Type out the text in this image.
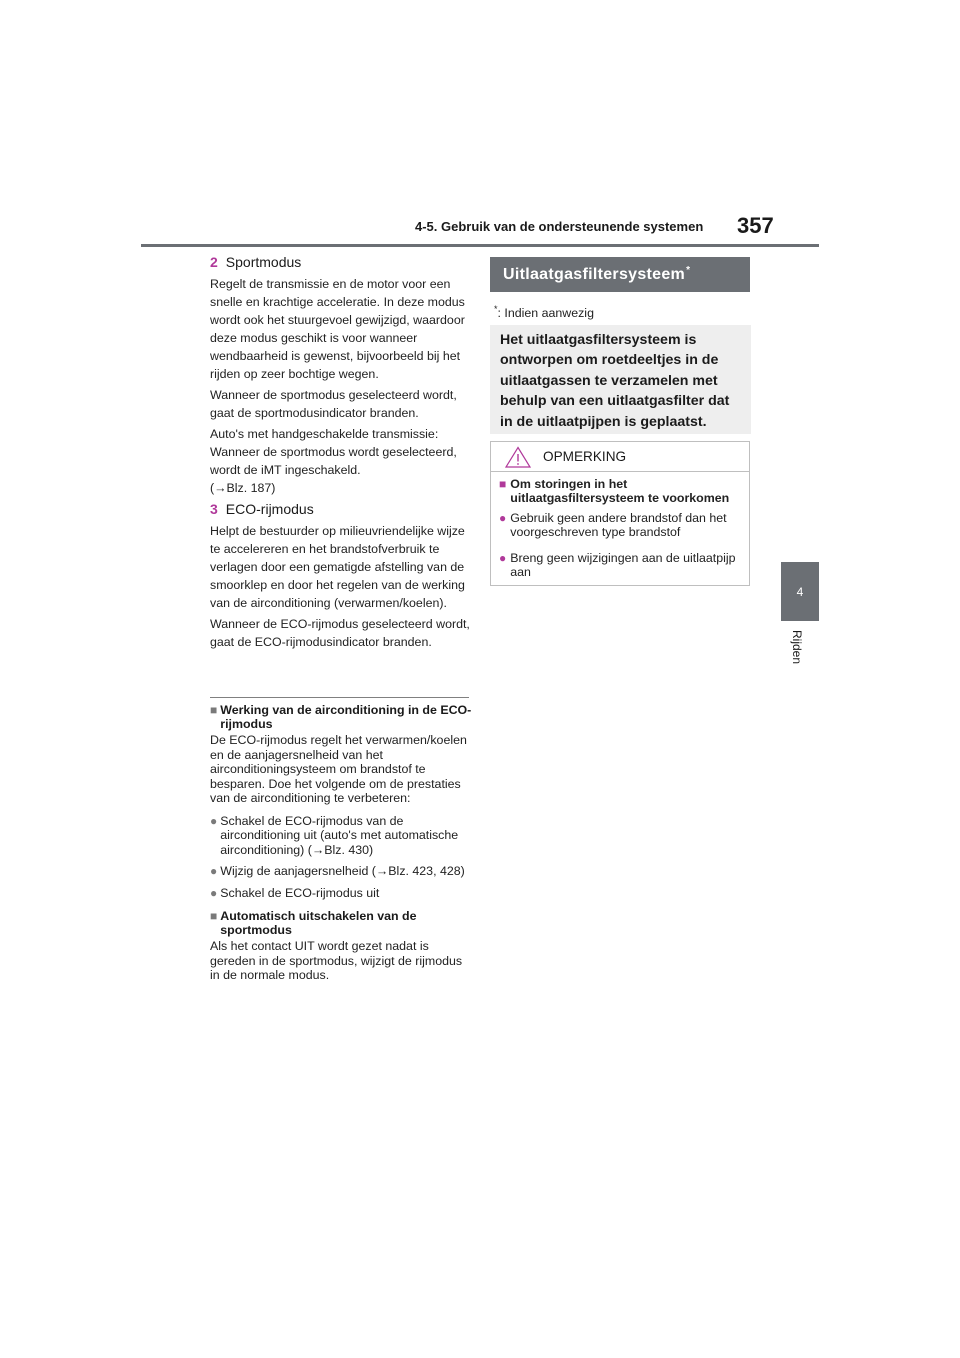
4-5. Gebruik van de ondersteunende systemen 357
4
Rijden
2 Sportmodus

Regelt de transmissie en de motor voor een snelle en krachtige acceleratie. In deze modus wordt ook het stuurgevoel gewijzigd, waardoor deze modus geschikt is voor wanneer wendbaarheid is gewenst, bijvoorbeeld bij het rijden op zeer bochtige wegen.

Wanneer de sportmodus geselecteerd wordt, gaat de sportmodusindicator branden.

Auto's met handgeschakelde transmissie: Wanneer de sportmodus wordt geselecteerd, wordt de iMT ingeschakeld.
(→Blz. 187)

3 ECO-rijmodus

Helpt de bestuurder op milieuvriendelijke wijze te accelereren en het brandstofverbruik te verlagen door een gematigde afstelling van de smoorklep en door het regelen van de werking van de airconditioning (verwarmen/koelen).

Wanneer de ECO-rijmodus geselecteerd wordt, gaat de ECO-rijmodusindicator branden.

■ Werking van de airconditioning in de ECO-rijmodus

De ECO-rijmodus regelt het verwarmen/koelen en de aanjagersnelheid van het airconditioningsysteem om brandstof te besparen. Doe het volgende om de prestaties van de airconditioning te verbeteren:

● Schakel de ECO-rijmodus van de airconditioning uit (auto's met automatische airconditioning) (→Blz. 430)
● Wijzig de aanjagersnelheid (→Blz. 423, 428)
● Schakel de ECO-rijmodus uit
■ Automatisch uitschakelen van de sportmodus

Als het contact UIT wordt gezet nadat is gereden in de sportmodus, wijzigt de rijmodus in de normale modus.

Uitlaatgasfiltersysteem*
*: Indien aanwezig
Het uitlaatgasfiltersysteem is ontworpen om roetdeeltjes in de uitlaatgassen te verzamelen met behulp van een uitlaatgasfilter dat in de uitlaatpijpen is geplaatst.
OPMERKING
■ Om storingen in het uitlaatgasfiltersysteem te voorkomen
● Gebruik geen andere brandstof dan het voorgeschreven type brandstof
● Breng geen wijzigingen aan de uitlaatpijp aan
